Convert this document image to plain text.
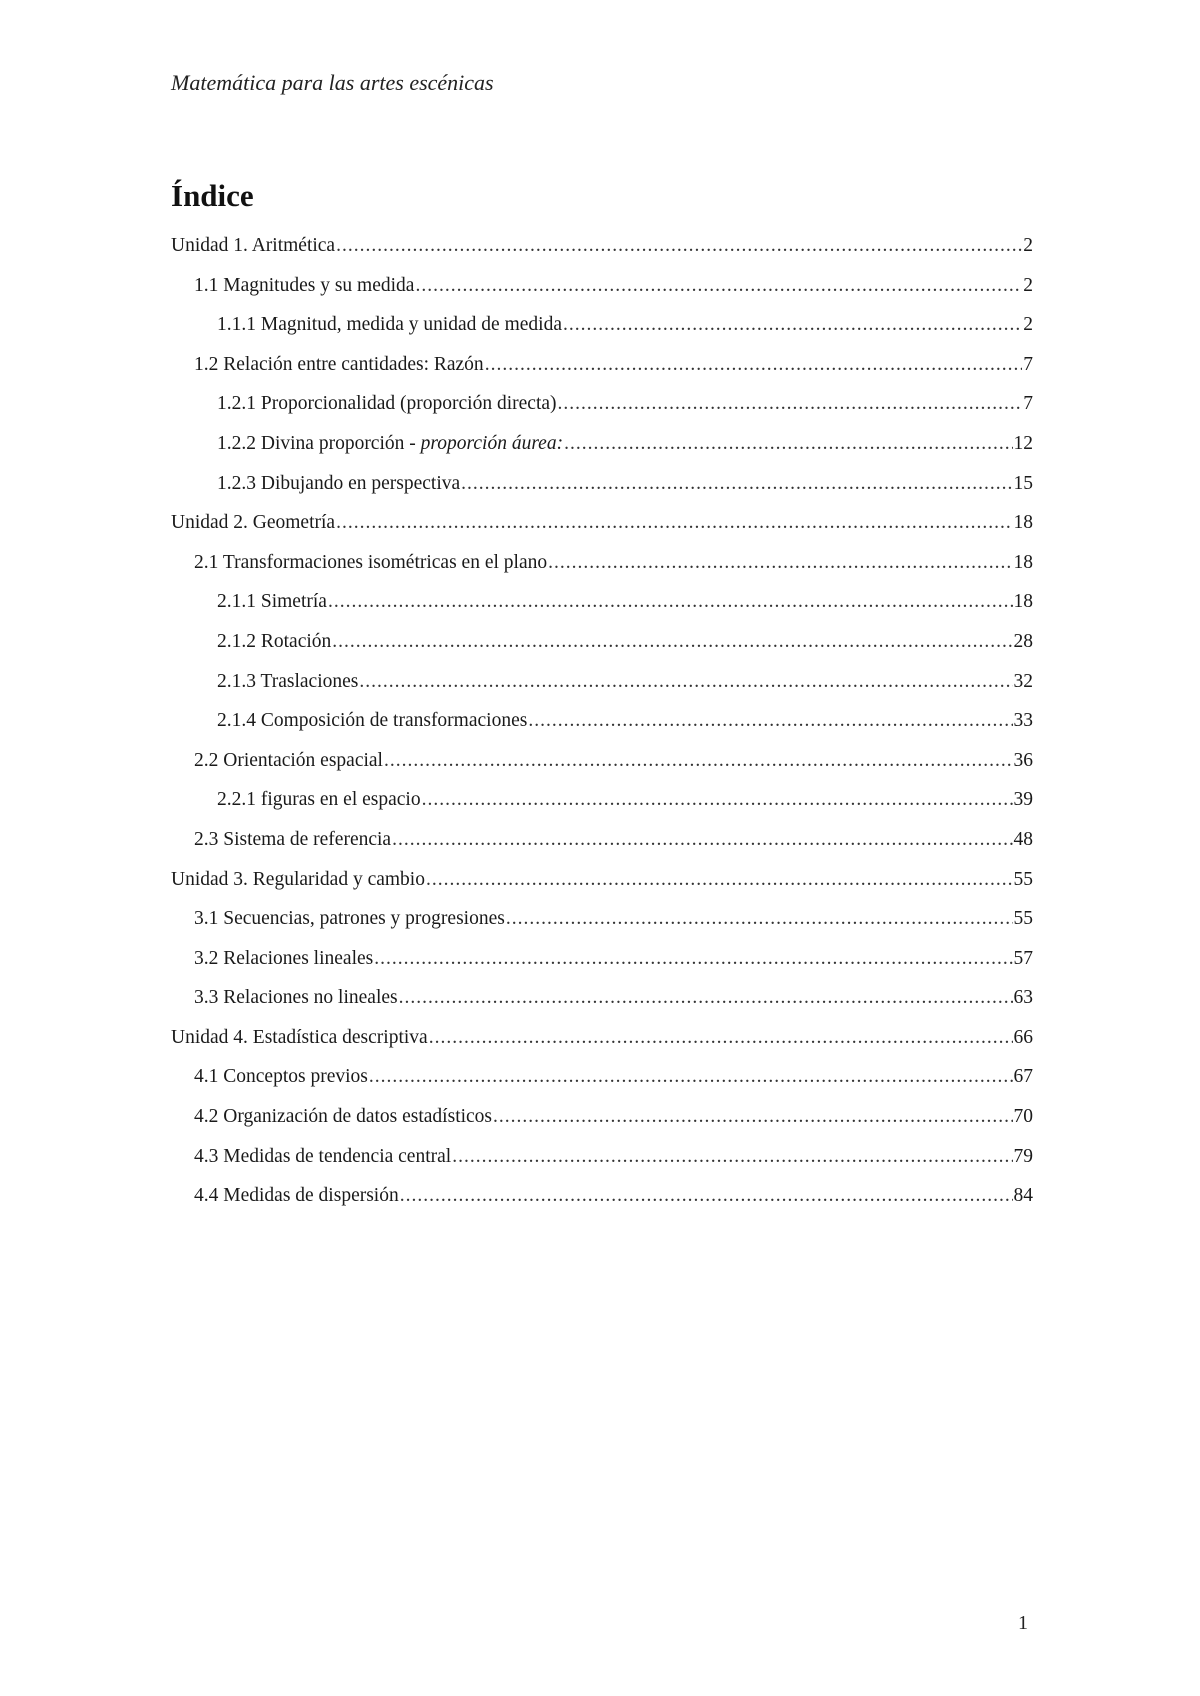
Matemática para las artes escénicas
Índice
Unidad 1. Aritmética .....	2
1.1 Magnitudes y su medida .....	2
1.1.1 Magnitud, medida y unidad de medida .....	2
1.2 Relación entre cantidades: Razón .....	7
1.2.1 Proporcionalidad (proporción directa) .....	7
1.2.2 Divina proporción - proporción áurea: .....	12
1.2.3 Dibujando en perspectiva .....	15
Unidad 2. Geometría .....	18
2.1 Transformaciones isométricas en el plano .....	18
2.1.1 Simetría .....	18
2.1.2 Rotación .....	28
2.1.3 Traslaciones .....	32
2.1.4 Composición de transformaciones .....	33
2.2 Orientación espacial .....	36
2.2.1 figuras en el espacio .....	39
2.3 Sistema de referencia .....	48
Unidad 3. Regularidad y cambio .....	55
3.1 Secuencias, patrones y progresiones .....	55
3.2 Relaciones lineales .....	57
3.3 Relaciones no lineales .....	63
Unidad 4. Estadística descriptiva .....	66
4.1 Conceptos previos .....	67
4.2 Organización de datos estadísticos .....	70
4.3 Medidas de tendencia central .....	79
4.4 Medidas de dispersión .....	84
1
